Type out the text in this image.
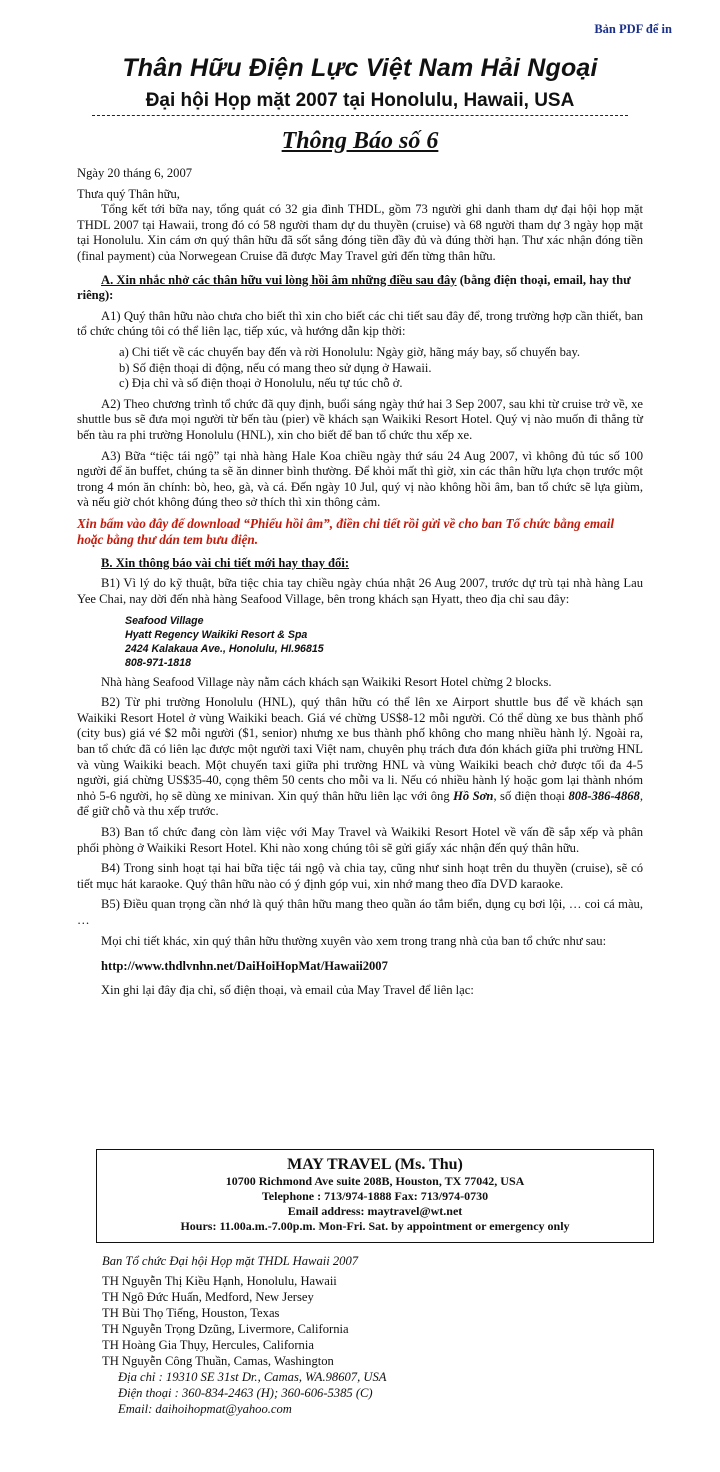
Bản PDF để in
Thân Hữu Điện Lực Việt Nam Hải Ngoại
Đại hội Họp mặt 2007 tại Honolulu, Hawaii, USA
Thông Báo số 6

Ngày 20 tháng 6, 2007

Thưa quý Thân hữu,

Tổng kết tới bữa nay, tổng quát có 32 gia đình THDL, gồm 73 người ghi danh tham dự đại hội họp mặt THDL 2007 tại Hawaii, trong đó có 58 người tham dự du thuyền (cruise) và 68 người tham dự 3 ngày họp mặt tại Honolulu. Xin cám ơn quý thân hữu đã sốt sắng đóng tiền đầy đủ và đúng thời hạn. Thư xác nhận đóng tiền (final payment) của Norwegean Cruise đã được May Travel gửi đến từng thân hữu.

A. Xin nhắc nhở các thân hữu vui lòng hồi âm những điều sau đây (bằng điện thoại, email, hay thư riêng):

A1) Quý thân hữu nào chưa cho biết thì xin cho biết các chi tiết sau đây để, trong trường hợp cần thiết, ban tổ chức chúng tôi có thể liên lạc, tiếp xúc, và hướng dẫn kịp thời:

a) Chi tiết về các chuyến bay đến và rời Honolulu: Ngày giờ, hãng máy bay, số chuyến bay.

b) Số điện thoại di động, nếu có mang theo sử dụng ở Hawaii.

c) Địa chỉ và số điện thoại ở Honolulu, nếu tự túc chỗ ở.

A2) Theo chương trình tổ chức đã quy định, buổi sáng ngày thứ hai 3 Sep 2007, sau khi từ cruise trở về, xe shuttle bus sẽ đưa mọi người từ bến tàu (pier) về khách sạn Waikiki Resort Hotel. Quý vị nào muốn đi thẳng từ bến tàu ra phi trường Honolulu (HNL), xin cho biết để ban tổ chức thu xếp xe.

A3) Bữa “tiệc tái ngộ” tại nhà hàng Hale Koa chiều ngày thứ sáu 24 Aug 2007, vì không đủ túc số 100 người để ăn buffet, chúng ta sẽ ăn dinner bình thường. Để khỏi mất thì giờ, xin các thân hữu lựa chọn trước một trong 4 món ăn chính: bò, heo, gà, và cá. Đến ngày 10 Jul, quý vị nào không hồi âm, ban tổ chức sẽ lựa giùm, và nếu giờ chót không đúng theo sở thích thì xin thông cảm.

Xin bấm vào đây để download “Phiếu hồi âm”, điền chi tiết rồi gửi về cho ban Tổ chức bằng email hoặc bằng thư dán tem bưu điện.

B. Xin thông báo vài chi tiết mới hay thay đổi:

B1) Vì lý do kỹ thuật, bữa tiệc chia tay chiều ngày chúa nhật 26 Aug 2007, trước dự trù tại nhà hàng Lau Yee Chai, nay dời đến nhà hàng Seafood Village, bên trong khách sạn Hyatt, theo địa chỉ sau đây:

Seafood Village

Hyatt Regency Waikiki Resort & Spa

2424 Kalakaua Ave., Honolulu, HI.96815

808-971-1818

Nhà hàng Seafood Village này nằm cách khách sạn Waikiki Resort Hotel chừng 2 blocks.

B2) Từ phi trường Honolulu (HNL), quý thân hữu có thể lên xe Airport shuttle bus để về khách sạn Waikiki Resort Hotel ở vùng Waikiki beach. Giá vé chừng US$8-12 mỗi người. Có thể dùng xe bus thành phố (city bus) giá vé $2 mỗi người ($1, senior) nhưng xe bus thành phố không cho mang nhiều hành lý. Ngoài ra, ban tổ chức đã có liên lạc được một người taxi Việt nam, chuyên phụ trách đưa đón khách giữa phi trường HNL và vùng Waikiki beach. Một chuyến taxi giữa phi trường HNL và vùng Waikiki beach chở được tối đa 4-5 người, giá chừng US$35-40, cọng thêm 50 cents cho mỗi va li. Nếu có nhiều hành lý hoặc gom lại thành nhóm nhỏ 5-6 người, họ sẽ dùng xe minivan. Xin quý thân hữu liên lạc với ông Hồ Sơn, số điện thoại 808-386-4868, để giữ chỗ và thu xếp trước.

B3) Ban tổ chức đang còn làm việc với May Travel và Waikiki Resort Hotel về vấn đề sắp xếp và phân phối phòng ở Waikiki Resort Hotel. Khi nào xong chúng tôi sẽ gửi giấy xác nhận đến quý thân hữu.

B4) Trong sinh hoạt tại hai bữa tiệc tái ngộ và chia tay, cũng như sinh hoạt trên du thuyền (cruise), sẽ có tiết mục hát karaoke. Quý thân hữu nào có ý định góp vui, xin nhớ mang theo đĩa DVD karaoke.

B5) Điều quan trọng cần nhớ là quý thân hữu mang theo quần áo tắm biển, dụng cụ bơi lội, … coi cá màu, …

Mọi chi tiết khác, xin quý thân hữu thường xuyên vào xem trong trang nhà của ban tổ chức như sau:

http://www.thdlvnhn.net/DaiHoiHopMat/Hawaii2007

Xin ghi lại đây địa chỉ, số điện thoại, và email của May Travel để liên lạc:

MAY TRAVEL (Ms. Thu)
10700 Richmond Ave suite 208B, Houston, TX 77042, USA
Telephone : 713/974-1888 Fax: 713/974-0730
Email address: maytravel@wt.net
Hours: 11.00a.m.-7.00p.m. Mon-Fri. Sat. by appointment or emergency only

Ban Tổ chức Đại hội Họp mặt THDL Hawaii 2007

TH Nguyễn Thị Kiều Hạnh, Honolulu, Hawaii

TH Ngô Đức Huấn, Medford, New Jersey

TH Bùi Thọ Tiếng, Houston, Texas

TH Nguyễn Trọng Dzũng, Livermore, California

TH Hoàng Gia Thụy, Hercules, California

TH Nguyễn Công Thuần, Camas, Washington

Địa chỉ : 19310 SE 31st Dr., Camas, WA.98607, USA

Điện thoại : 360-834-2463 (H); 360-606-5385 (C)

Email: daihoihopmat@yahoo.com
